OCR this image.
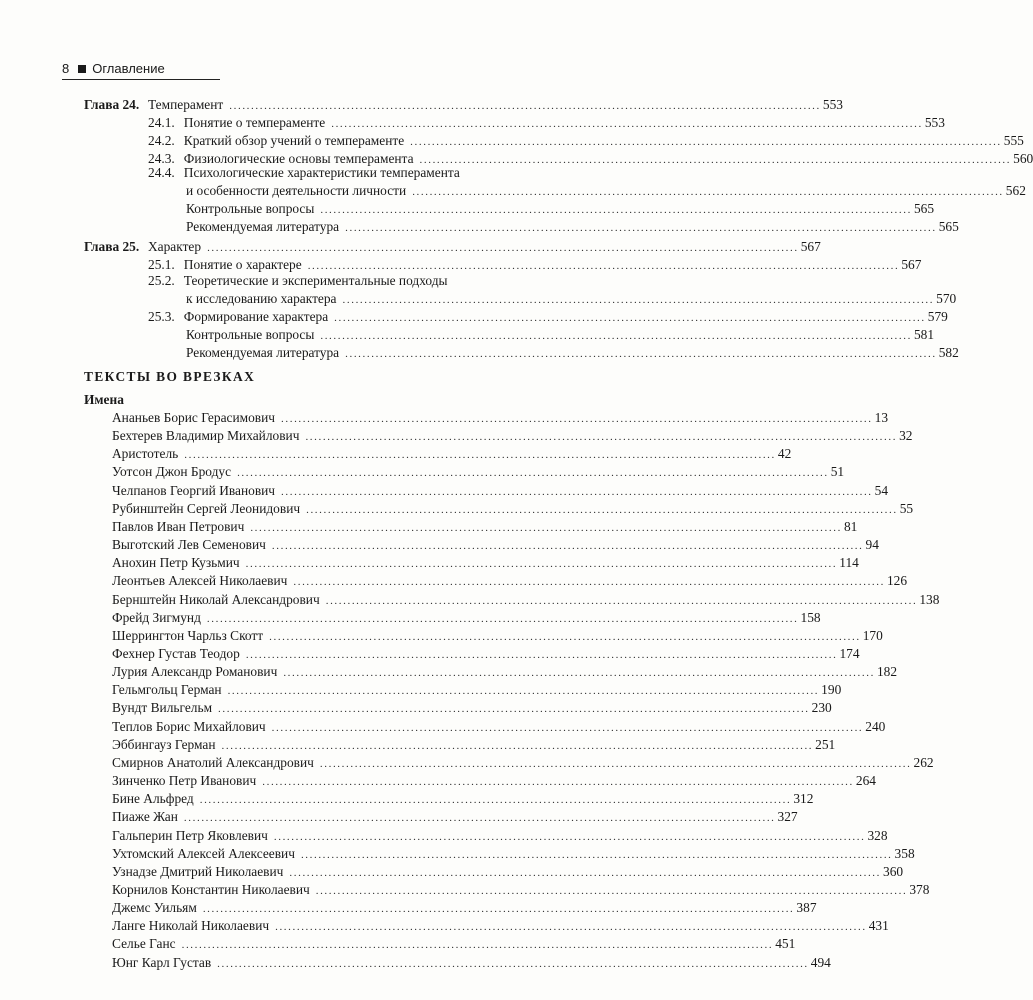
8 Оглавление
Глава 24. Темперамент ........................................................................................................................................ 553
24.1. Понятие о темпераменте ........................................................................................................................................ 553
24.2. Краткий обзор учений о темпераменте ........................................................................................................................................ 555
24.3. Физиологические основы темперамента ........................................................................................................................................ 560
24.4. Психологические характеристики темперамента
и особенности деятельности личности ........................................................................................................................................ 562
Контрольные вопросы ........................................................................................................................................ 565
Рекомендуемая литература ........................................................................................................................................ 565
Глава 25. Характер ........................................................................................................................................ 567
25.1. Понятие о характере ........................................................................................................................................ 567
25.2. Теоретические и экспериментальные подходы
к исследованию характера ........................................................................................................................................ 570
25.3. Формирование характера ........................................................................................................................................ 579
Контрольные вопросы ........................................................................................................................................ 581
Рекомендуемая литература ........................................................................................................................................ 582
ТЕКСТЫ ВО ВРЕЗКАХ
Имена
Ананьев Борис Герасимович ........................................................................................................................................ 13
Бехтерев Владимир Михайлович ........................................................................................................................................ 32
Аристотель ........................................................................................................................................ 42
Уотсон Джон Бродус ........................................................................................................................................ 51
Челпанов Георгий Иванович ........................................................................................................................................ 54
Рубинштейн Сергей Леонидович ........................................................................................................................................ 55
Павлов Иван Петрович ........................................................................................................................................ 81
Выготский Лев Семенович ........................................................................................................................................ 94
Анохин Петр Кузьмич ........................................................................................................................................ 114
Леонтьев Алексей Николаевич ........................................................................................................................................ 126
Бернштейн Николай Александрович ........................................................................................................................................ 138
Фрейд Зигмунд ........................................................................................................................................ 158
Шеррингтон Чарльз Скотт ........................................................................................................................................ 170
Фехнер Густав Теодор ........................................................................................................................................ 174
Лурия Александр Романович ........................................................................................................................................ 182
Гельмгольц Герман ........................................................................................................................................ 190
Вундт Вильгельм ........................................................................................................................................ 230
Теплов Борис Михайлович ........................................................................................................................................ 240
Эббингауз Герман ........................................................................................................................................ 251
Смирнов Анатолий Александрович ........................................................................................................................................ 262
Зинченко Петр Иванович ........................................................................................................................................ 264
Бине Альфред ........................................................................................................................................ 312
Пиаже Жан ........................................................................................................................................ 327
Гальперин Петр Яковлевич ........................................................................................................................................ 328
Ухтомский Алексей Алексеевич ........................................................................................................................................ 358
Узнадзе Дмитрий Николаевич ........................................................................................................................................ 360
Корнилов Константин Николаевич ........................................................................................................................................ 378
Джемс Уильям ........................................................................................................................................ 387
Ланге Николай Николаевич ........................................................................................................................................ 431
Селье Ганс ........................................................................................................................................ 451
Юнг Карл Густав ........................................................................................................................................ 494
